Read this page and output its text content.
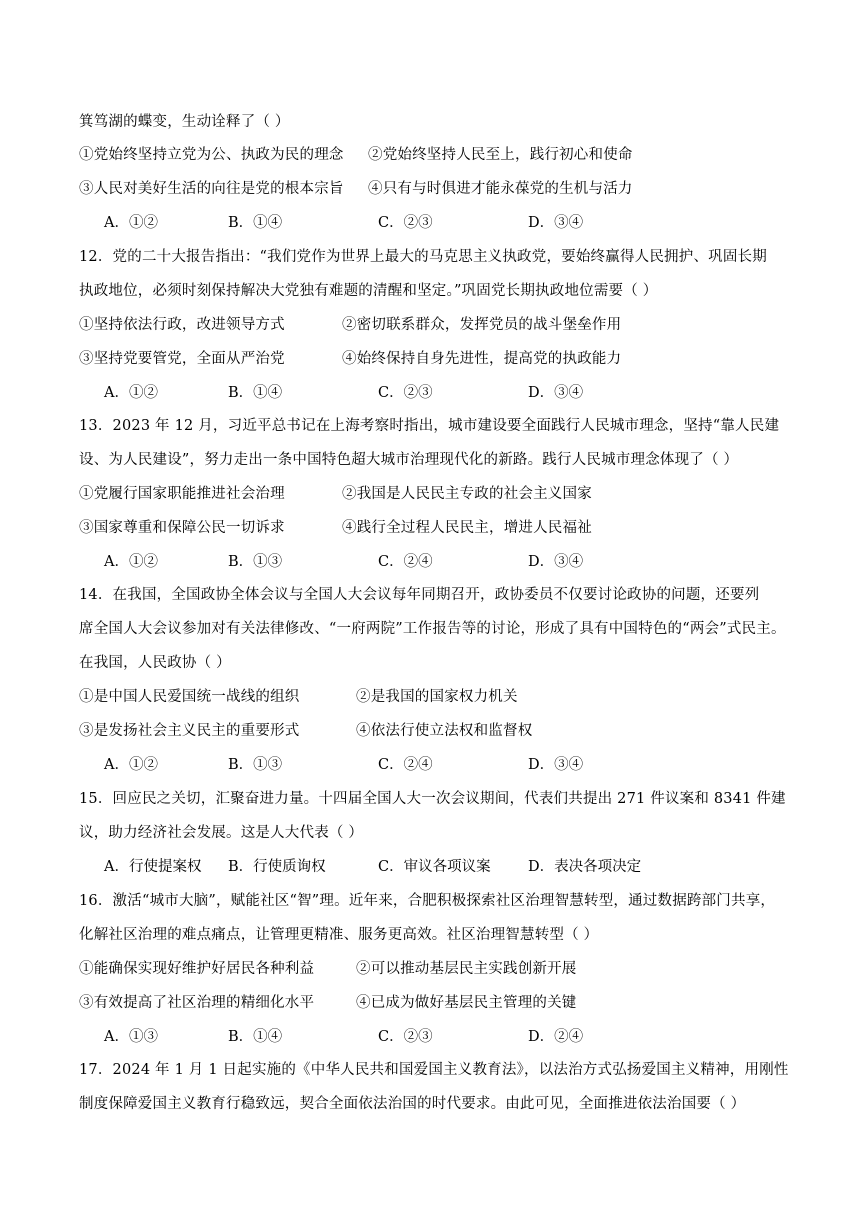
箕笃湖的蝶变，生动诠释了（ ）
①党始终坚持立党为公、执政为民的理念 ②党始终坚持人民至上，践行初心和使命
③人民对美好生活的向往是党的根本宗旨 ④只有与时俱进才能永葆党的生机与活力
A．①②	B．①④	C．②③	D．③④
12．党的二十大报告指出：“我们党作为世界上最大的马克思主义执政党，要始终赢得人民拥护、巩固长期
执政地位，必须时刻保持解决大党独有难题的清醒和坚定。”巩固党长期执政地位需要（ ）
①坚持依法行政，改进领导方式	②密切联系群众，发挥党员的战斗堡垒作用
③坚持党要管党，全面从严治党	④始终保持自身先进性，提高党的执政能力
A．①②	B．①④	C．②③	D．③④
13．2023 年 12 月，习近平总书记在上海考察时指出，城市建设要全面践行人民城市理念，坚持“靠人民建
设、为人民建设”，努力走出一条中国特色超大城市治理现代化的新路。践行人民城市理念体现了（ ）
①党履行国家职能推进社会治理	②我国是人民民主专政的社会主义国家
③国家尊重和保障公民一切诉求	④践行全过程人民民主，增进人民福祉
A．①②	B．①③	C．②④	D．③④
14．在我国，全国政协全体会议与全国人大会议每年同期召开，政协委员不仅要讨论政协的问题，还要列
席全国人大会议参加对有关法律修改、“一府两院”工作报告等的讨论，形成了具有中国特色的“两会”式民主。
在我国，人民政协（ ）
①是中国人民爱国统一战线的组织	②是我国的国家权力机关
③是发扬社会主义民主的重要形式	④依法行使立法权和监督权
A．①②	B．①③	C．②④	D．③④
15．回应民之关切，汇聚奋进力量。十四届全国人大一次会议期间，代表们共提出 271 件议案和 8341 件建
议，助力经济社会发展。这是人大代表（ ）
A．行使提案权 B．行使质询权	C．审议各项议案	D．表决各项决定
16．激活“城市大脑”，赋能社区“智”理。近年来，合肥积极探索社区治理智慧转型，通过数据跨部门共享，
化解社区治理的难点痛点，让管理更精准、服务更高效。社区治理智慧转型（ ）
①能确保实现好维护好居民各种利益	②可以推动基层民主实践创新开展
③有效提高了社区治理的精细化水平	④已成为做好基层民主管理的关键
A．①③	B．①④	C．②③	D．②④
17．2024 年 1 月 1 日起实施的《中华人民共和国爱国主义教育法》，以法治方式弘扬爱国主义精神，用刚性
制度保障爱国主义教育行稳致远，契合全面依法治国的时代要求。由此可见，全面推进依法治国要（ ）
